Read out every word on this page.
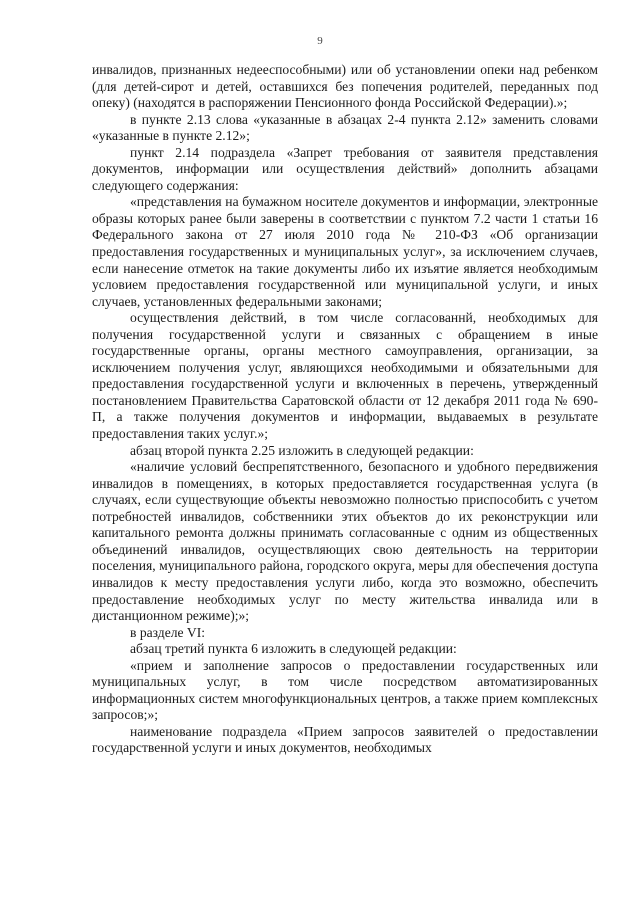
9

инвалидов, признанных недееспособными) или об установлении опеки над ребенком (для детей-сирот и детей, оставшихся без попечения родителей, переданных под опеку) (находятся в распоряжении Пенсионного фонда Российской Федерации).»;

в пункте 2.13 слова «указанные в абзацах 2-4 пункта 2.12» заменить словами «указанные в пункте 2.12»;

пункт 2.14 подраздела «Запрет требования от заявителя представления документов, информации или осуществления действий» дополнить абзацами следующего содержания:

«представления на бумажном носителе документов и информации, электронные образы которых ранее были заверены в соответствии с пунктом 7.2 части 1 статьи 16 Федерального закона от 27 июля 2010 года № 210-ФЗ «Об организации предоставления государственных и муниципальных услуг», за исключением случаев, если нанесение отметок на такие документы либо их изъятие является необходимым условием предоставления государственной или муниципальной услуги, и иных случаев, установленных федеральными законами;

осуществления действий, в том числе согласованнй, необходимых для получения государственной услуги и связанных с обращением в иные государственные органы, органы местного самоуправления, организации, за исключением получения услуг, являющихся необходимыми и обязательными для предоставления государственной услуги и включенных в перечень, утвержденный постановлением Правительства Саратовской области от 12 декабря 2011 года № 690-П, а также получения документов и информации, выдаваемых в результате предоставления таких услуг.»;

абзац второй пункта 2.25 изложить в следующей редакции:

«наличие условий беспрепятственного, безопасного и удобного передвижения инвалидов в помещениях, в которых предоставляется государственная услуга (в случаях, если существующие объекты невозможно полностью приспособить с учетом потребностей инвалидов, собственники этих объектов до их реконструкции или капитального ремонта должны принимать согласованные с одним из общественных объединений инвалидов, осуществляющих свою деятельность на территории поселения, муниципального района, городского округа, меры для обеспечения доступа инвалидов к месту предоставления услуги либо, когда это возможно, обеспечить предоставление необходимых услуг по месту жительства инвалида или в дистанционном режиме);»;

в разделе VI:

абзац третий пункта 6 изложить в следующей редакции:

«прием и заполнение запросов о предоставлении государственных или муниципальных услуг, в том числе посредством автоматизированных информационных систем многофункциональных центров, а также прием комплексных запросов;»;

наименование подраздела «Прием запросов заявителей о предоставлении государственной услуги и иных документов, необходимых
